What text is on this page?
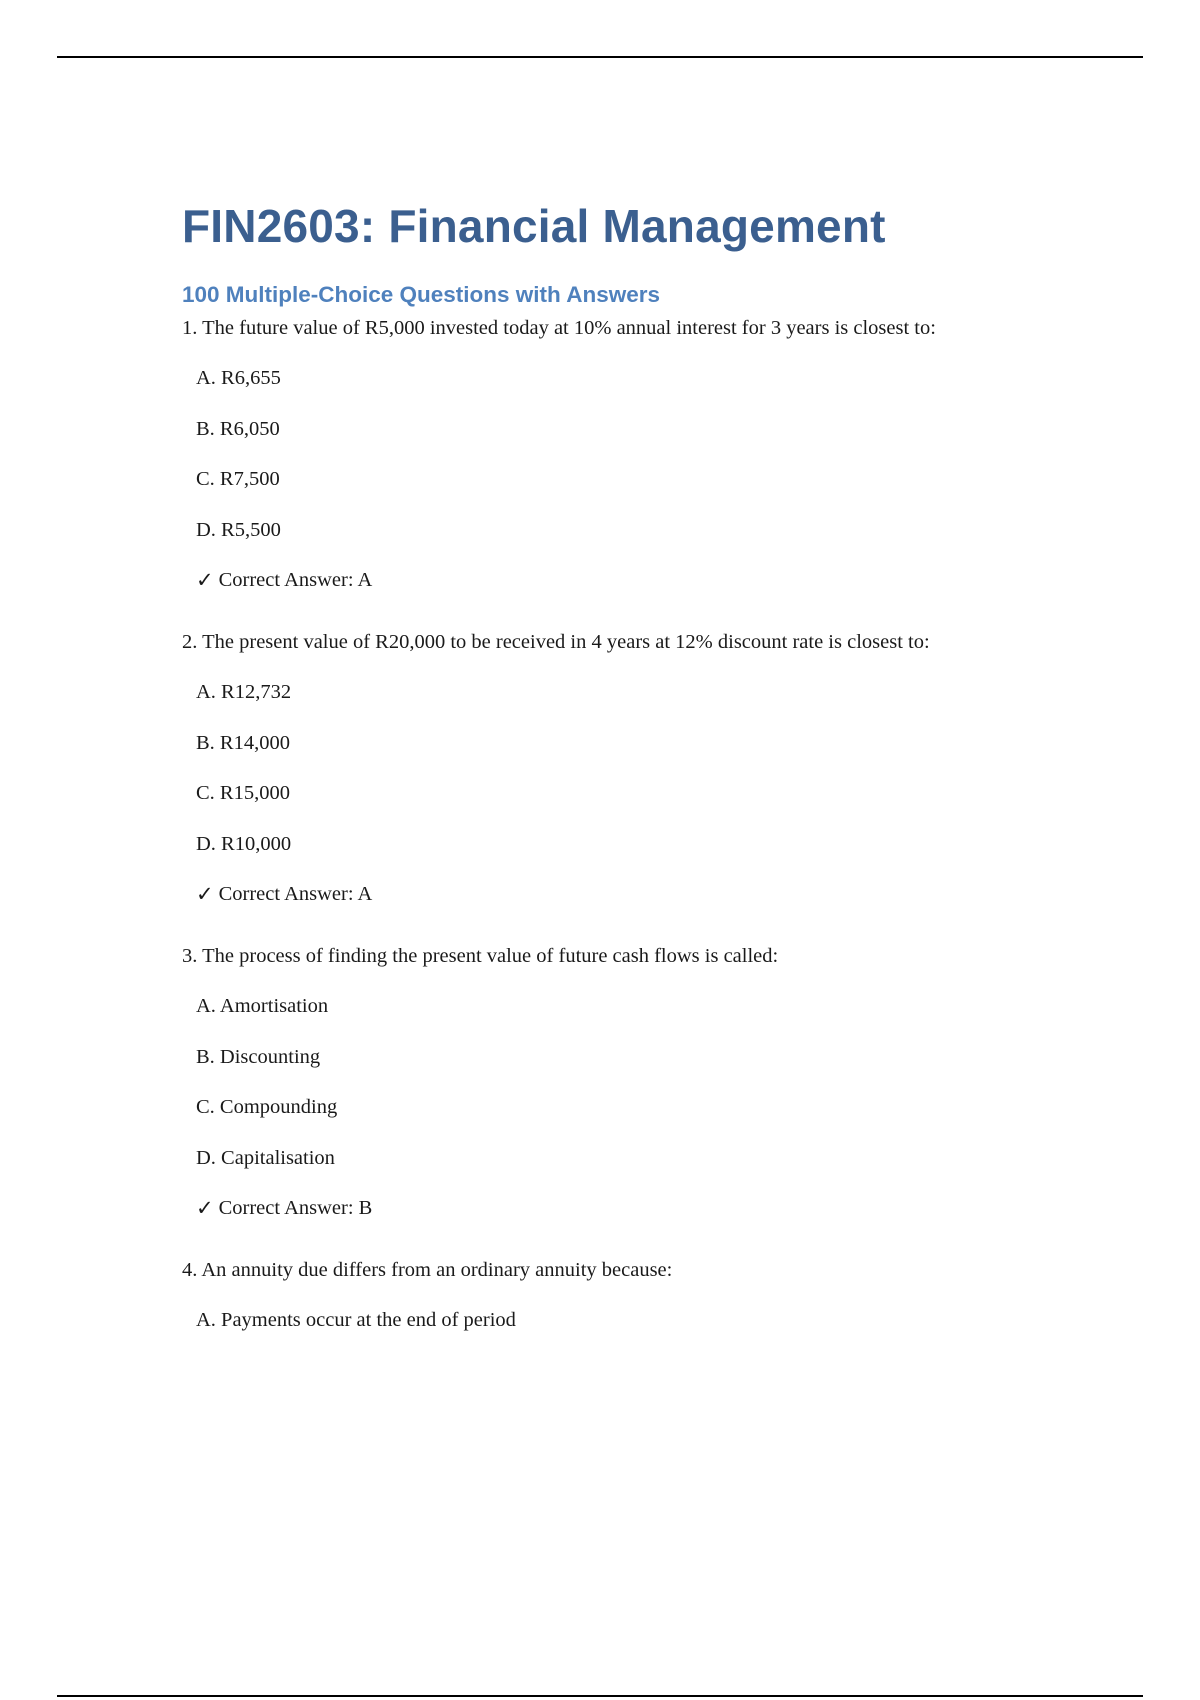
FIN2603: Financial Management
100 Multiple-Choice Questions with Answers

1. The future value of R5,000 invested today at 10% annual interest for 3 years is closest to:

A. R6,655
B. R6,050
C. R7,500
D. R5,500
✓ Correct Answer: A

2. The present value of R20,000 to be received in 4 years at 12% discount rate is closest to:

A. R12,732
B. R14,000
C. R15,000
D. R10,000
✓ Correct Answer: A

3. The process of finding the present value of future cash flows is called:

A. Amortisation
B. Discounting
C. Compounding
D. Capitalisation
✓ Correct Answer: B

4. An annuity due differs from an ordinary annuity because:

A. Payments occur at the end of period
